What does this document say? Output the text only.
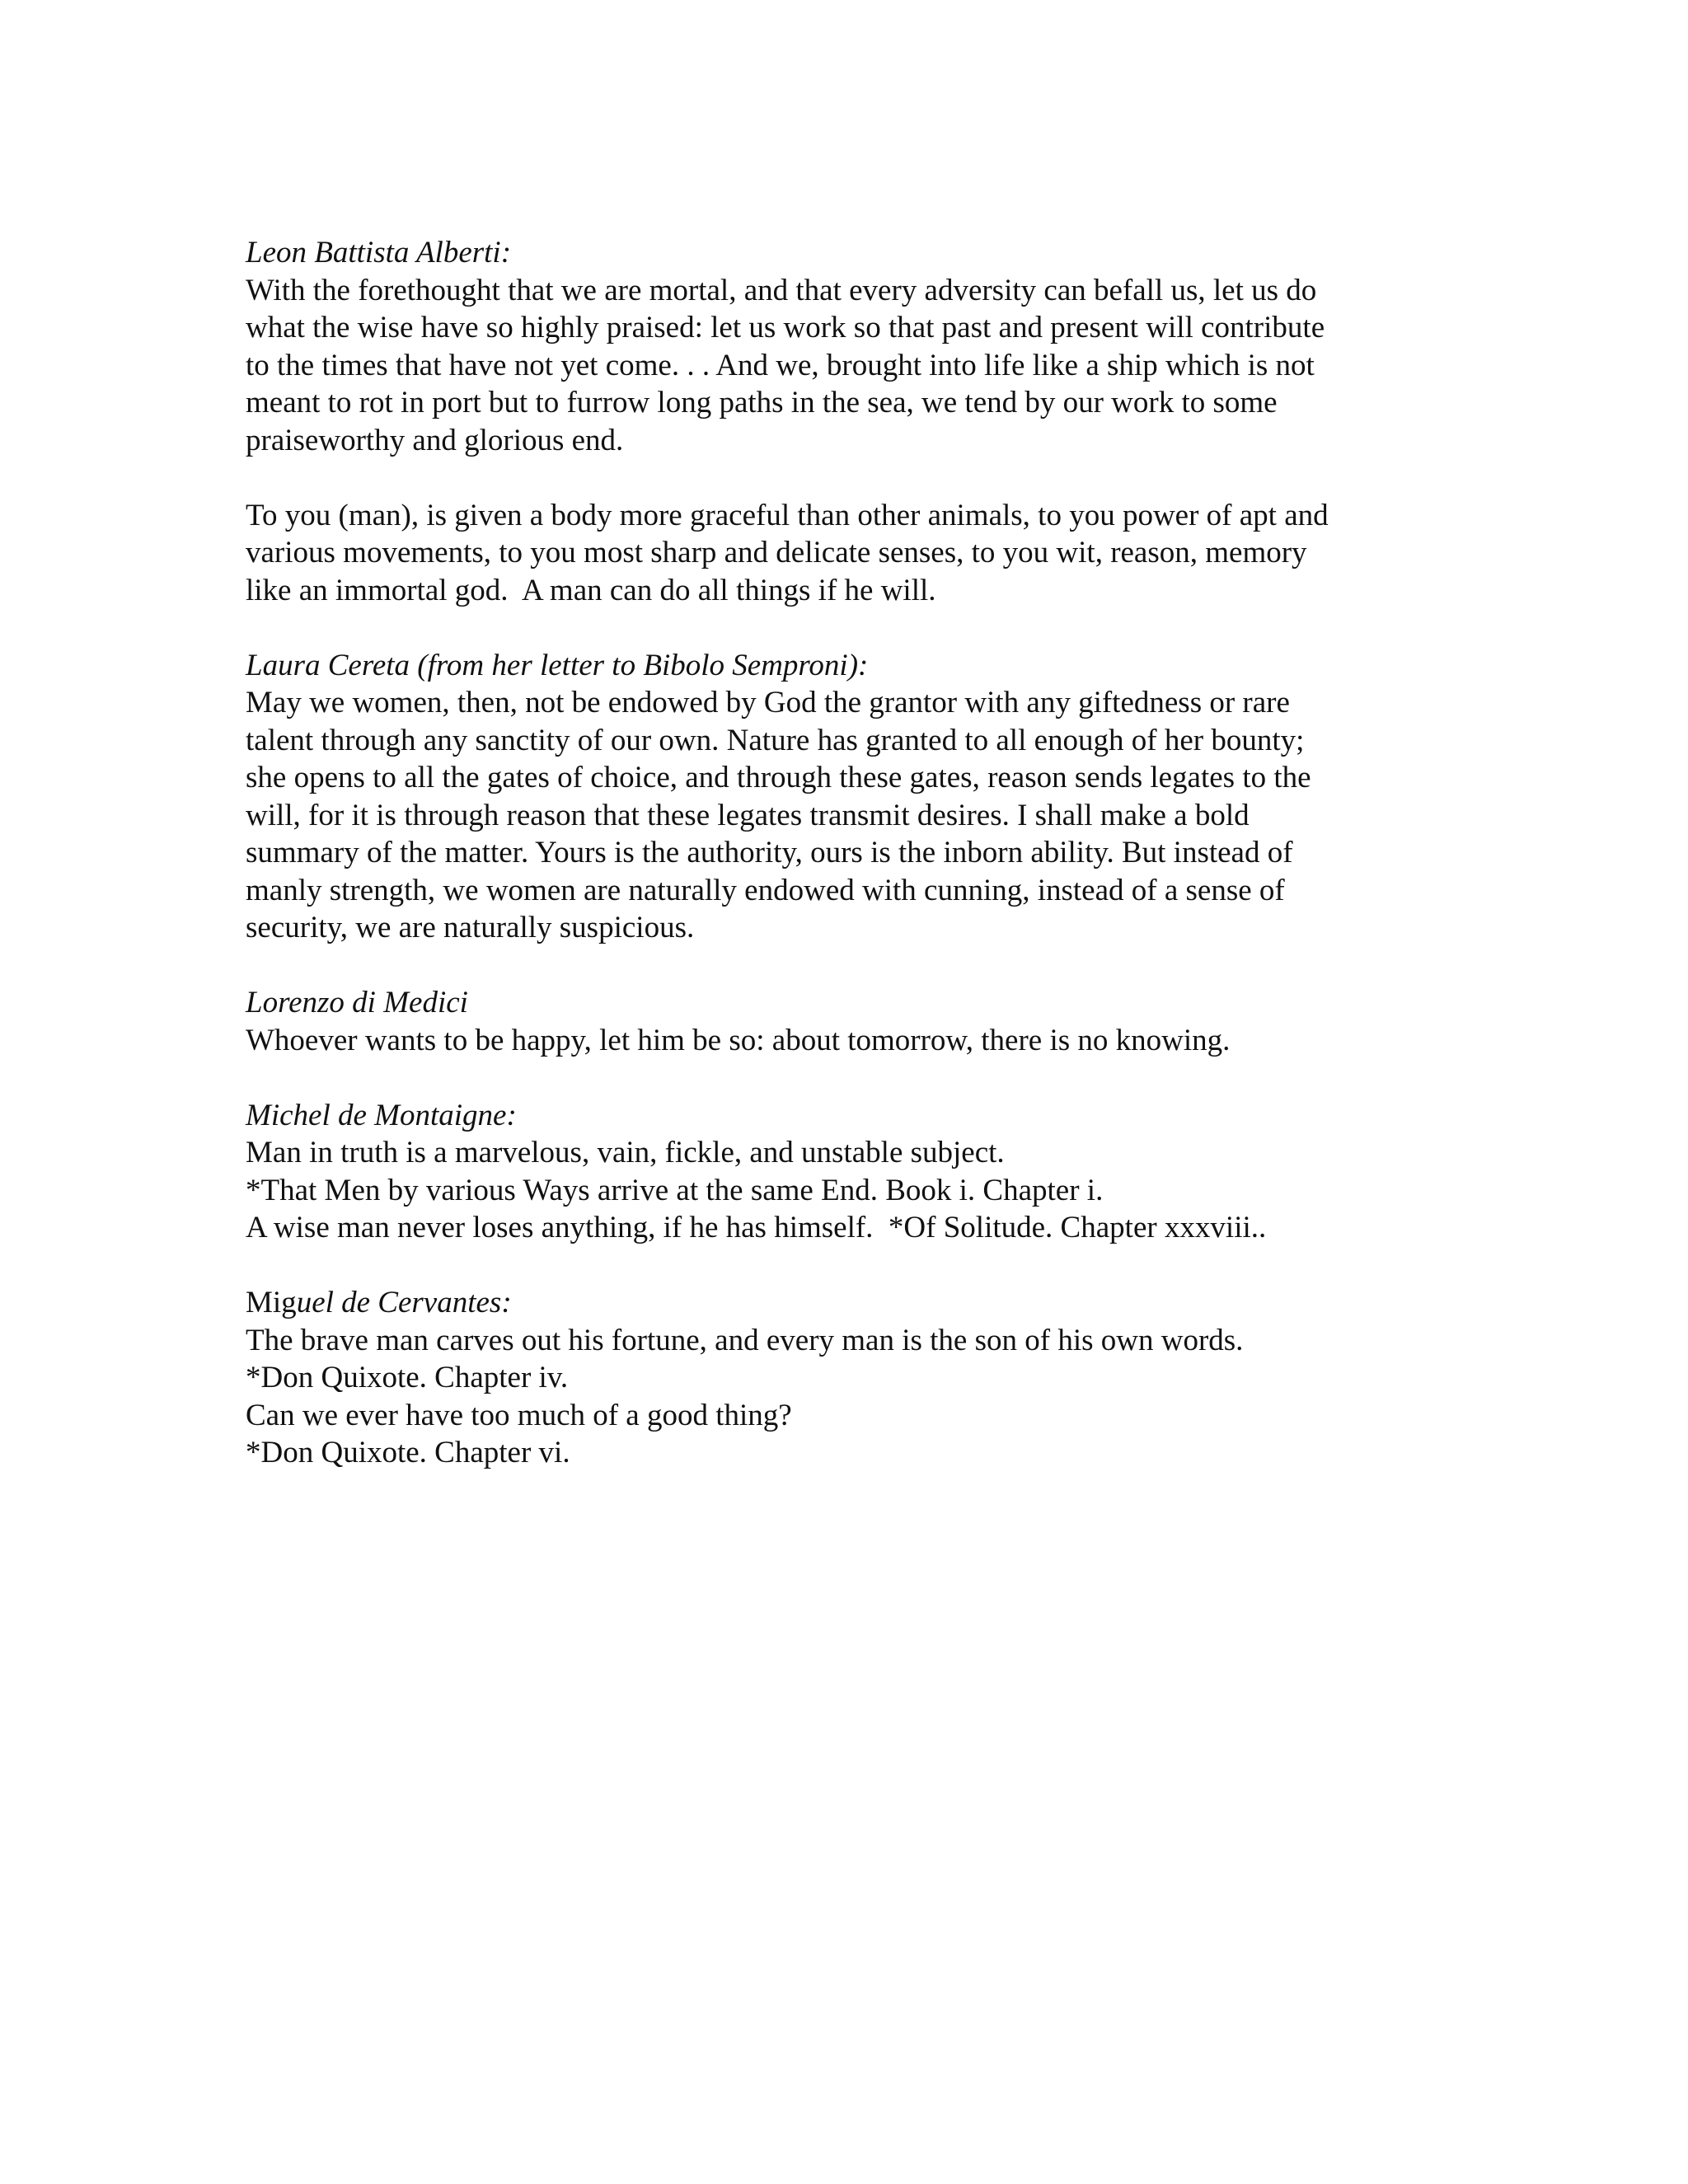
Leon Battista Alberti:
With the forethought that we are mortal, and that every adversity can befall us, let us do
what the wise have so highly praised: let us work so that past and present will contribute
to the times that have not yet come. . . And we, brought into life like a ship which is not
meant to rot in port but to furrow long paths in the sea, we tend by our work to some
praiseworthy and glorious end.
To you (man), is given a body more graceful than other animals, to you power of apt and
various movements, to you most sharp and delicate senses, to you wit, reason, memory
like an immortal god.  A man can do all things if he will.
Laura Cereta (from her letter to Bibolo Semproni):
May we women, then, not be endowed by God the grantor with any giftedness or rare
talent through any sanctity of our own. Nature has granted to all enough of her bounty;
she opens to all the gates of choice, and through these gates, reason sends legates to the
will, for it is through reason that these legates transmit desires. I shall make a bold
summary of the matter. Yours is the authority, ours is the inborn ability. But instead of
manly strength, we women are naturally endowed with cunning, instead of a sense of
security, we are naturally suspicious.
Lorenzo di Medici
Whoever wants to be happy, let him be so: about tomorrow, there is no knowing.
Michel de Montaigne:
Man in truth is a marvelous, vain, fickle, and unstable subject.
*That Men by various Ways arrive at the same End. Book i. Chapter i.
A wise man never loses anything, if he has himself.  *Of Solitude. Chapter xxxviii..
Miguel de Cervantes:
The brave man carves out his fortune, and every man is the son of his own words.
*Don Quixote. Chapter iv.
Can we ever have too much of a good thing?
*Don Quixote. Chapter vi.
